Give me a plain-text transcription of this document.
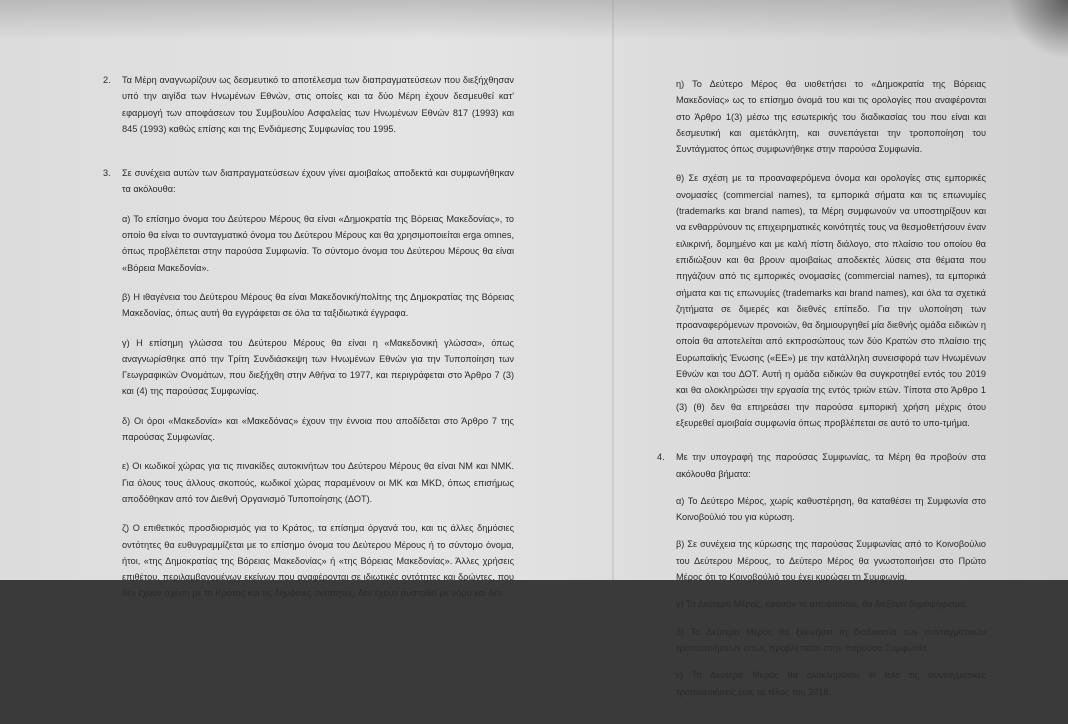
2. Τα Μέρη αναγνωρίζουν ως δεσμευτικό το αποτέλεσμα των διαπραγματεύσεων που διεξήχθησαν υπό την αιγίδα των Ηνωμένων Εθνών, στις οποίες και τα δύο Μέρη έχουν δεσμευθεί κατ' εφαρμογή των αποφάσεων του Συμβουλίου Ασφαλείας των Ηνωμένων Εθνών 817 (1993) και 845 (1993) καθώς επίσης και της Ενδιάμεσης Συμφωνίας του 1995.
3. Σε συνέχεια αυτών των διαπραγματεύσεων έχουν γίνει αμοιβαίως αποδεκτά και συμφωνήθηκαν τα ακόλουθα:
α) Το επίσημο όνομα του Δεύτερου Μέρους θα είναι «Δημοκρατία της Βόρειας Μακεδονίας», το οποίο θα είναι το συνταγματικό όνομα του Δεύτερου Μέρους και θα χρησιμοποιείται erga omnes, όπως προβλέπεται στην παρούσα Συμφωνία. Το σύντομο όνομα του Δεύτερου Μέρους θα είναι «Βόρεια Μακεδονία».
β) Η ιθαγένεια του Δεύτερου Μέρους θα είναι Μακεδονική/πολίτης της Δημοκρατίας της Βόρειας Μακεδονίας, όπως αυτή θα εγγράφεται σε όλα τα ταξιδιωτικά έγγραφα.
γ) Η επίσημη γλώσσα του Δεύτερου Μέρους θα είναι η «Μακεδονική γλώσσα», όπως αναγνωρίσθηκε από την Τρίτη Συνδιάσκεψη των Ηνωμένων Εθνών για την Τυποποίηση των Γεωγραφικών Ονομάτων, που διεξήχθη στην Αθήνα το 1977, και περιγράφεται στο Άρθρο 7 (3) και (4) της παρούσας Συμφωνίας.
δ) Οι όροι «Μακεδονία» και «Μακεδόνας» έχουν την έννοια που αποδίδεται στο Άρθρο 7 της παρούσας Συμφωνίας.
ε) Οι κωδικοί χώρας για τις πινακίδες αυτοκινήτων του Δεύτερου Μέρους θα είναι NM και NMK. Για όλους τους άλλους σκοπούς, κωδικοί χώρας παραμένουν οι MK και MKD, όπως επισήμως αποδόθηκαν από τον Διεθνή Οργανισμό Τυποποίησης (ΔΟΤ).
ζ) Ο επιθετικός προσδιορισμός για το Κράτος, τα επίσημα όργανά του, και τις άλλες δημόσιες οντότητες θα ευθυγραμμίζεται με το επίσημο όνομα του Δεύτερου Μέρους ή το σύντομο όνομα, ήτοι, «της Δημοκρατίας της Βόρειας Μακεδονίας» ή «της Βόρειας Μακεδονίας». Άλλες χρήσεις επιθέτου, περιλαμβανομένων εκείνων που αναφέρονται σε ιδιωτικές οντότητες και δρώντες, που δεν έχουν σχέση με το Κράτος και τις δημόσιες οντότητες, δεν έχουν συσταθεί με νόμο και δεν
η) Το Δεύτερο Μέρος θα υιοθετήσει το «Δημοκρατία της Βόρειας Μακεδονίας» ως το επίσημο όνομά του και τις ορολογίες που αναφέρονται στο Άρθρο 1(3) μέσω της εσωτερικής του διαδικασίας του που είναι και δεσμευτική και αμετάκλητη, και συνεπάγεται την τροποποίηση του Συντάγματος όπως συμφωνήθηκε στην παρούσα Συμφωνία.
θ) Σε σχέση με τα προαναφερόμενα όνομα και ορολογίες στις εμπορικές ονομασίες (commercial names), τα εμπορικά σήματα και τις επωνυμίες (trademarks και brand names), τα Μέρη συμφωνούν να υποστηρίξουν και να ενθαρρύνουν τις επιχειρηματικές κοινότητές τους να θεσμοθετήσουν έναν ειλικρινή, δομημένο και με καλή πίστη διάλογο, στο πλαίσιο του οποίου θα επιδιώξουν και θα βρουν αμοιβαίως αποδεκτές λύσεις στα θέματα που πηγάζουν από τις εμπορικές ονομασίες (commercial names), τα εμπορικά σήματα και τις επωνυμίες (trademarks και brand names), και όλα τα σχετικά ζητήματα σε διμερές και διεθνές επίπεδο. Για την υλοποίηση των προαναφερόμενων προνοιών, θα δημιουργηθεί μία διεθνής ομάδα ειδικών η οποία θα αποτελείται από εκπροσώπους των δύο Κρατών στο πλαίσιο της Ευρωπαϊκής Ένωσης («ΕΕ») με την κατάλληλη συνεισφορά των Ηνωμένων Εθνών και του ΔΟΤ. Αυτή η ομάδα ειδικών θα συγκροτηθεί εντός του 2019 και θα ολοκληρώσει την εργασία της εντός τριών ετών. Τίποτα στο Άρθρο 1 (3) (θ) δεν θα επηρεάσει την παρούσα εμπορική χρήση μέχρις ότου εξευρεθεί αμοιβαία συμφωνία όπως προβλέπεται σε αυτό το υπο-τμήμα.
4. Με την υπογραφή της παρούσας Συμφωνίας, τα Μέρη θα προβούν στα ακόλουθα βήματα:
α) Το Δεύτερο Μέρος, χωρίς καθυστέρηση, θα καταθέσει τη Συμφωνία στο Κοινοβούλιό του για κύρωση.
β) Σε συνέχεια της κύρωσης της παρούσας Συμφωνίας από το Κοινοβούλιο του Δεύτερου Μέρους, το Δεύτερο Μέρος θα γνωστοποιήσει στο Πρώτο Μέρος ότι το Κοινοβούλιό του έχει κυρώσει τη Συμφωνία.
γ) Το Δεύτερο Μέρος, εφόσον το αποφασίσει, θα διεξάγει δημοψήφισμα.
δ) Το Δεύτερο Μέρος θα ξεκινήσει τη διαδικασία των συνταγματικών τροποποιήσεων όπως προβλέπεται στην παρούσα Συμφωνία.
ε) Το Δεύτερο Μέρος θα ολοκληρώσει in toto τις συνταγματικές τροποποιήσεις έως το τέλος του 2018.
